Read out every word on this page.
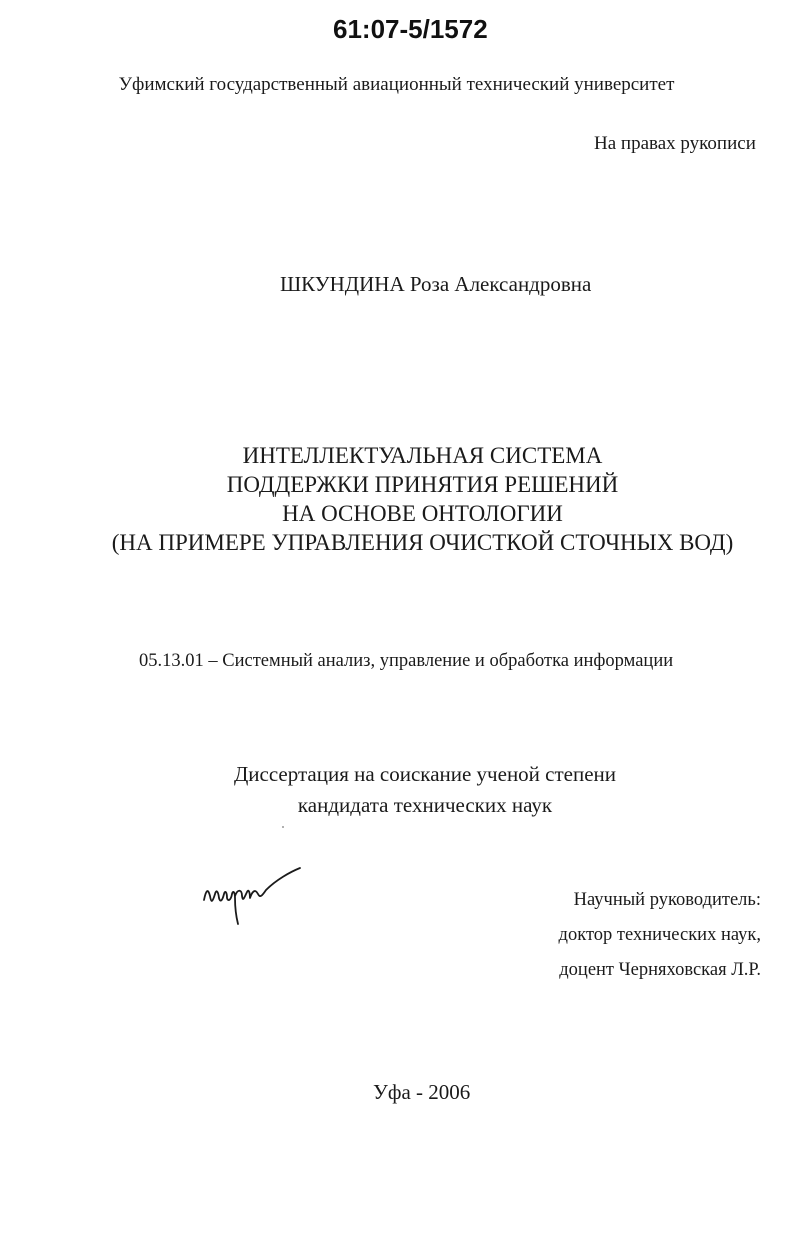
61:07-5/1572
Уфимский государственный авиационный технический университет
На правах рукописи
ШКУНДИНА Роза Александровна
ИНТЕЛЛЕКТУАЛЬНАЯ СИСТЕМА
ПОДДЕРЖКИ ПРИНЯТИЯ РЕШЕНИЙ
НА ОСНОВЕ ОНТОЛОГИИ
(НА ПРИМЕРЕ УПРАВЛЕНИЯ ОЧИСТКОЙ СТОЧНЫХ ВОД)
05.13.01 – Системный анализ, управление и обработка информации
Диссертация на соискание ученой степени
кандидата технических наук
Научный руководитель:
доктор технических наук,
доцент Черняховская Л.Р.
Уфа - 2006
